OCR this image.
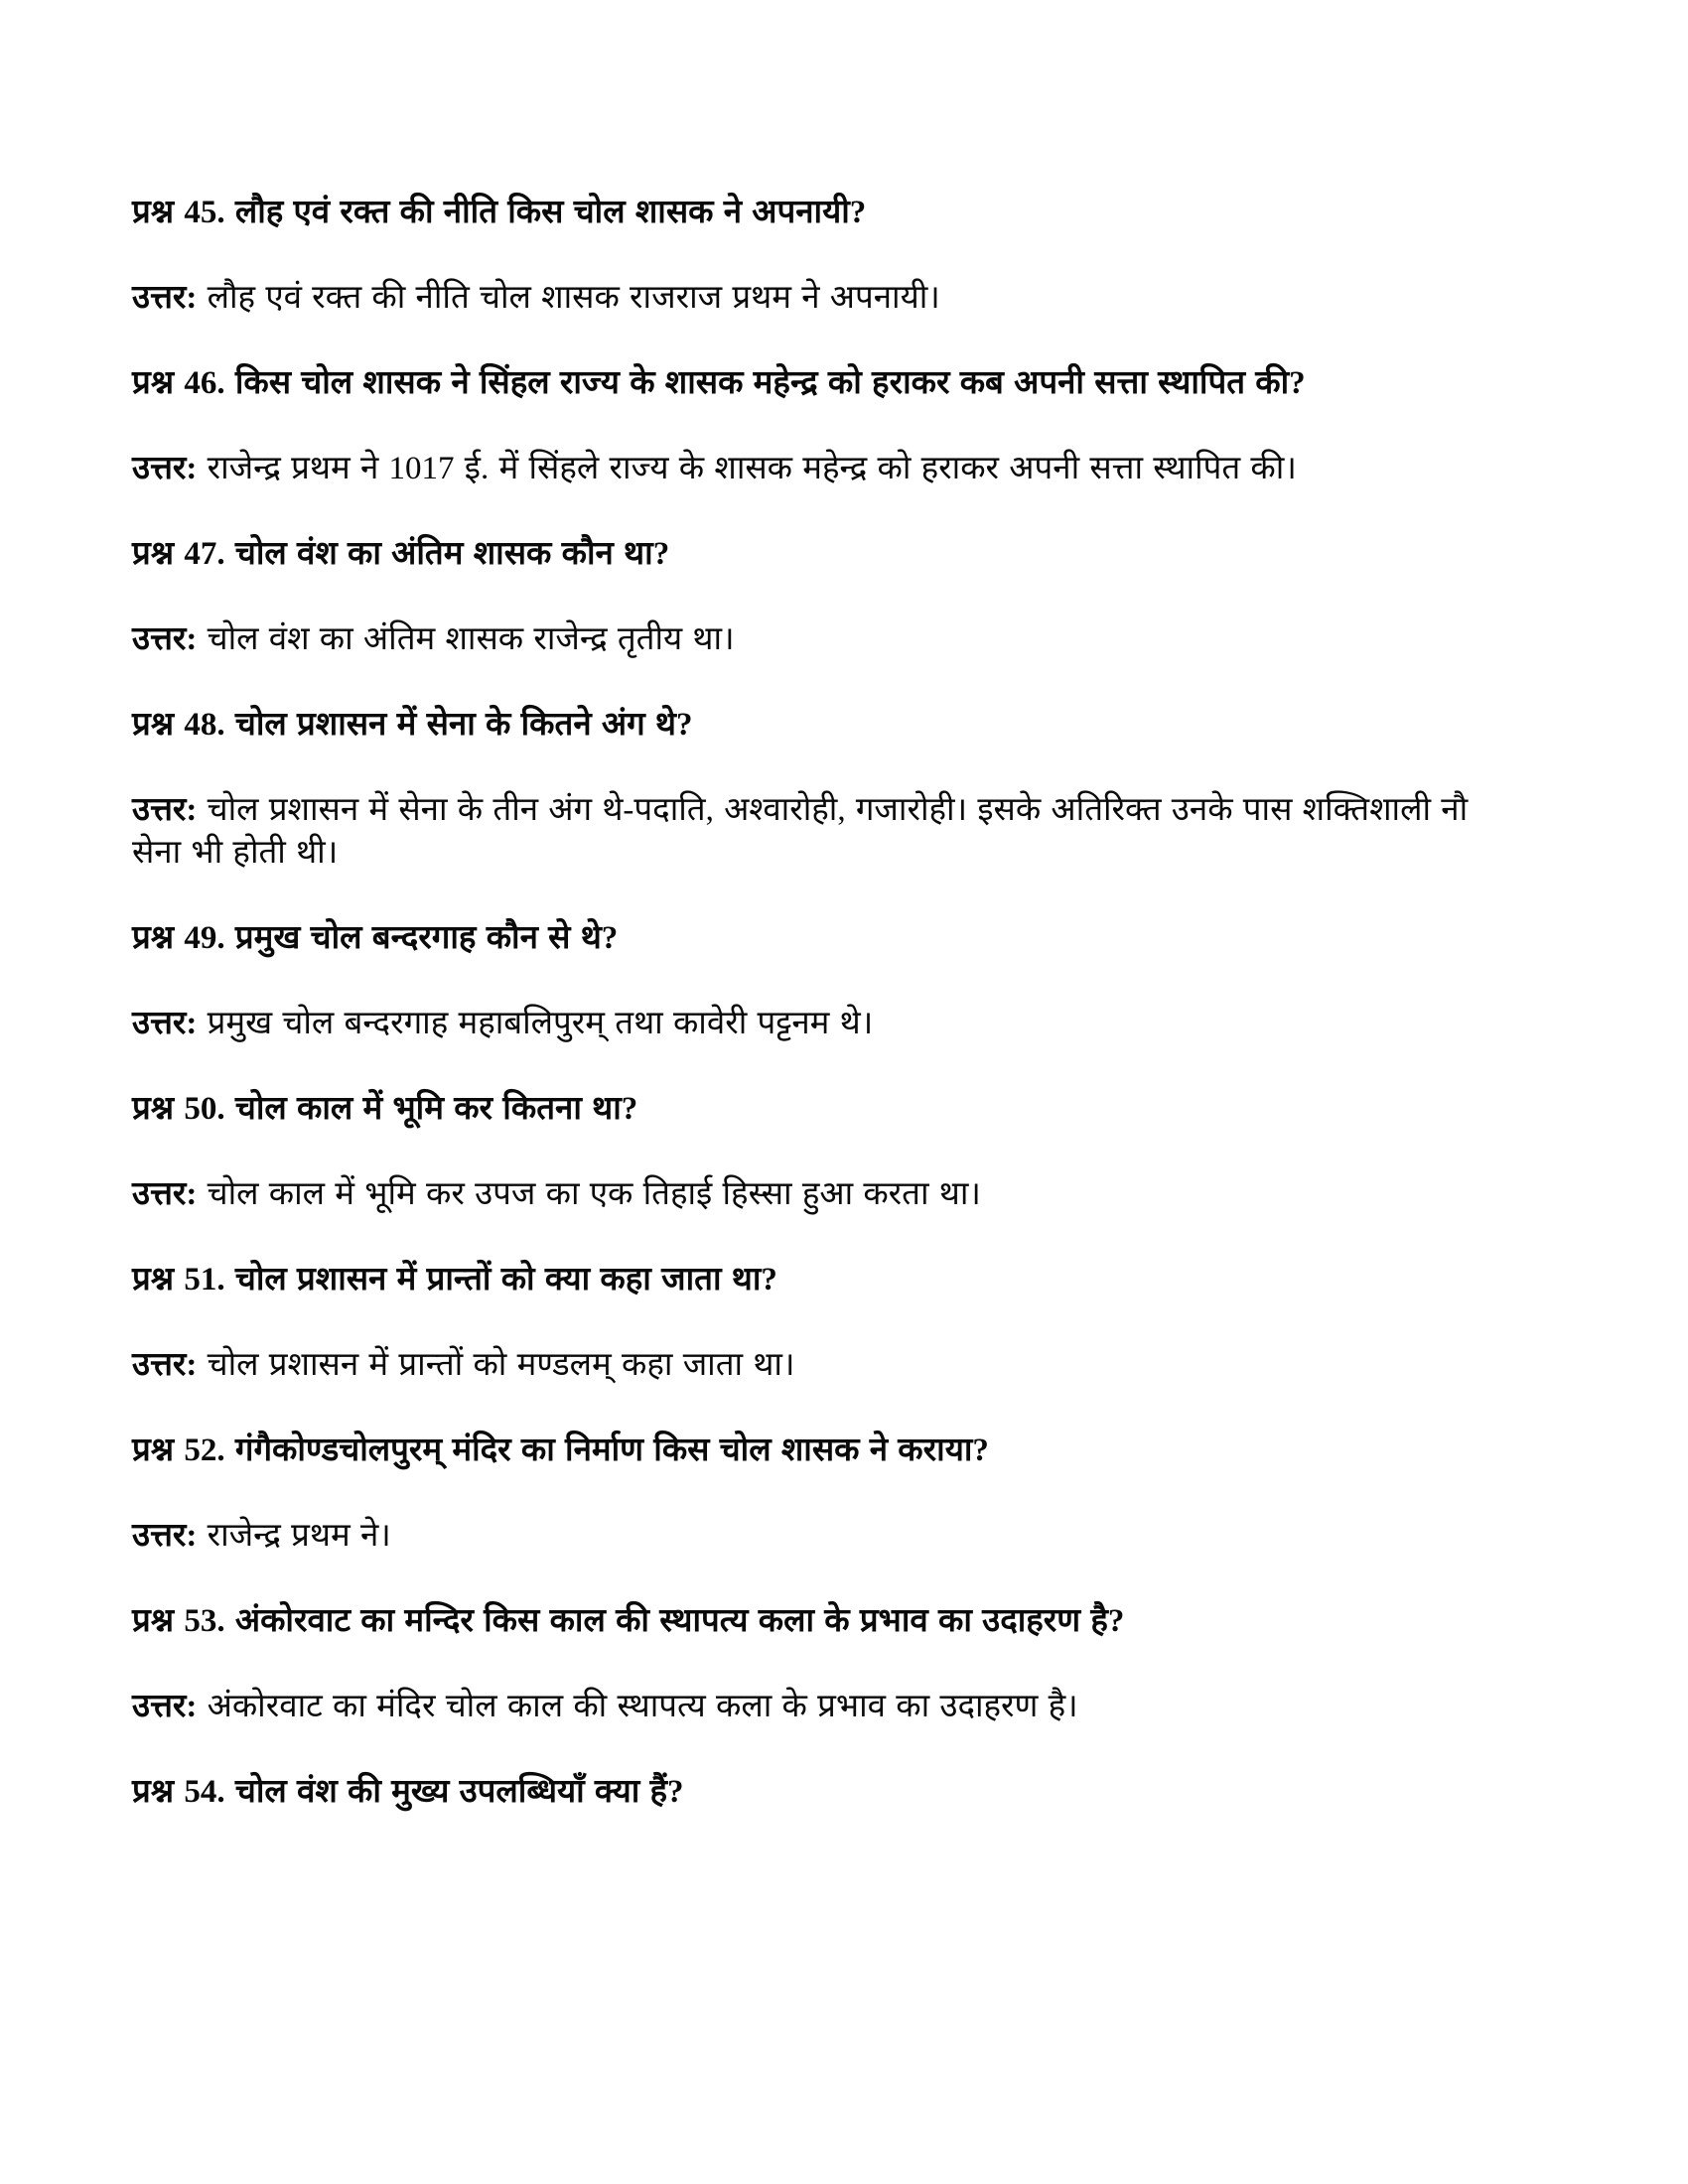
प्रश्न 45. लौह एवं रक्त की नीति किस चोल शासक ने अपनायी?

उत्तर: लौह एवं रक्त की नीति चोल शासक राजराज प्रथम ने अपनायी।

प्रश्न 46. किस चोल शासक ने सिंहल राज्य के शासक महेन्द्र को हराकर कब अपनी सत्ता स्थापित की?

उत्तर: राजेन्द्र प्रथम ने 1017 ई. में सिंहले राज्य के शासक महेन्द्र को हराकर अपनी सत्ता स्थापित की।

प्रश्न 47. चोल वंश का अंतिम शासक कौन था?

उत्तर: चोल वंश का अंतिम शासक राजेन्द्र तृतीय था।

प्रश्न 48. चोल प्रशासन में सेना के कितने अंग थे?

उत्तर: चोल प्रशासन में सेना के तीन अंग थे-पदाति, अश्वारोही, गजारोही। इसके अतिरिक्त उनके पास शक्तिशाली नौ सेना भी होती थी।

प्रश्न 49. प्रमुख चोल बन्दरगाह कौन से थे?

उत्तर: प्रमुख चोल बन्दरगाह महाबलिपुरम् तथा कावेरी पट्टनम थे।

प्रश्न 50. चोल काल में भूमि कर कितना था?

उत्तर: चोल काल में भूमि कर उपज का एक तिहाई हिस्सा हुआ करता था।

प्रश्न 51. चोल प्रशासन में प्रान्तों को क्या कहा जाता था?

उत्तर: चोल प्रशासन में प्रान्तों को मण्डलम् कहा जाता था।

प्रश्न 52. गंगैकोण्डचोलपुरम् मंदिर का निर्माण किस चोल शासक ने कराया?

उत्तर: राजेन्द्र प्रथम ने।

प्रश्न 53. अंकोरवाट का मन्दिर किस काल की स्थापत्य कला के प्रभाव का उदाहरण है?

उत्तर: अंकोरवाट का मंदिर चोल काल की स्थापत्य कला के प्रभाव का उदाहरण है।

प्रश्न 54. चोल वंश की मुख्य उपलब्धियाँ क्या हैं?
